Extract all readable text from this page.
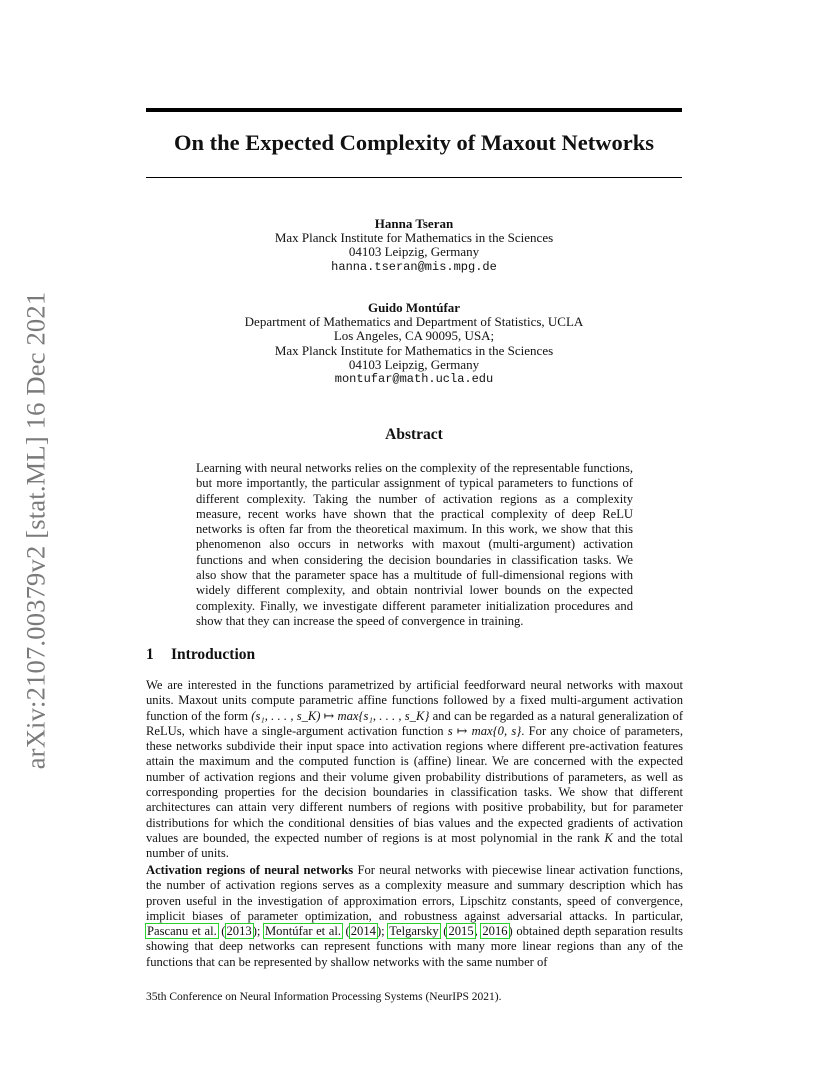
arXiv:2107.00379v2 [stat.ML] 16 Dec 2021
On the Expected Complexity of Maxout Networks
Hanna Tseran
Max Planck Institute for Mathematics in the Sciences
04103 Leipzig, Germany
hanna.tseran@mis.mpg.de
Guido Montúfar
Department of Mathematics and Department of Statistics, UCLA
Los Angeles, CA 90095, USA;
Max Planck Institute for Mathematics in the Sciences
04103 Leipzig, Germany
montufar@math.ucla.edu
Abstract

Learning with neural networks relies on the complexity of the representable functions, but more importantly, the particular assignment of typical parameters to functions of different complexity. Taking the number of activation regions as a complexity measure, recent works have shown that the practical complexity of deep ReLU networks is often far from the theoretical maximum. In this work, we show that this phenomenon also occurs in networks with maxout (multi-argument) activation functions and when considering the decision boundaries in classification tasks. We also show that the parameter space has a multitude of full-dimensional regions with widely different complexity, and obtain nontrivial lower bounds on the expected complexity. Finally, we investigate different parameter initialization procedures and show that they can increase the speed of convergence in training.

1 Introduction

We are interested in the functions parametrized by artificial feedforward neural networks with maxout units. Maxout units compute parametric affine functions followed by a fixed multi-argument activation function of the form (s₁, . . . , s_K) ↦ max{s₁, . . . , s_K} and can be regarded as a natural generalization of ReLUs, which have a single-argument activation function s ↦ max{0, s}. For any choice of parameters, these networks subdivide their input space into activation regions where different pre-activation features attain the maximum and the computed function is (affine) linear. We are concerned with the expected number of activation regions and their volume given probability distributions of parameters, as well as corresponding properties for the decision boundaries in classification tasks. We show that different architectures can attain very different numbers of regions with positive probability, but for parameter distributions for which the conditional densities of bias values and the expected gradients of activation values are bounded, the expected number of regions is at most polynomial in the rank K and the total number of units.

Activation regions of neural networks For neural networks with piecewise linear activation functions, the number of activation regions serves as a complexity measure and summary description which has proven useful in the investigation of approximation errors, Lipschitz constants, speed of convergence, implicit biases of parameter optimization, and robustness against adversarial attacks. In particular, Pascanu et al. (2013); Montúfar et al. (2014); Telgarsky (2015, 2016) obtained depth separation results showing that deep networks can represent functions with many more linear regions than any of the functions that can be represented by shallow networks with the same number of

35th Conference on Neural Information Processing Systems (NeurIPS 2021).
